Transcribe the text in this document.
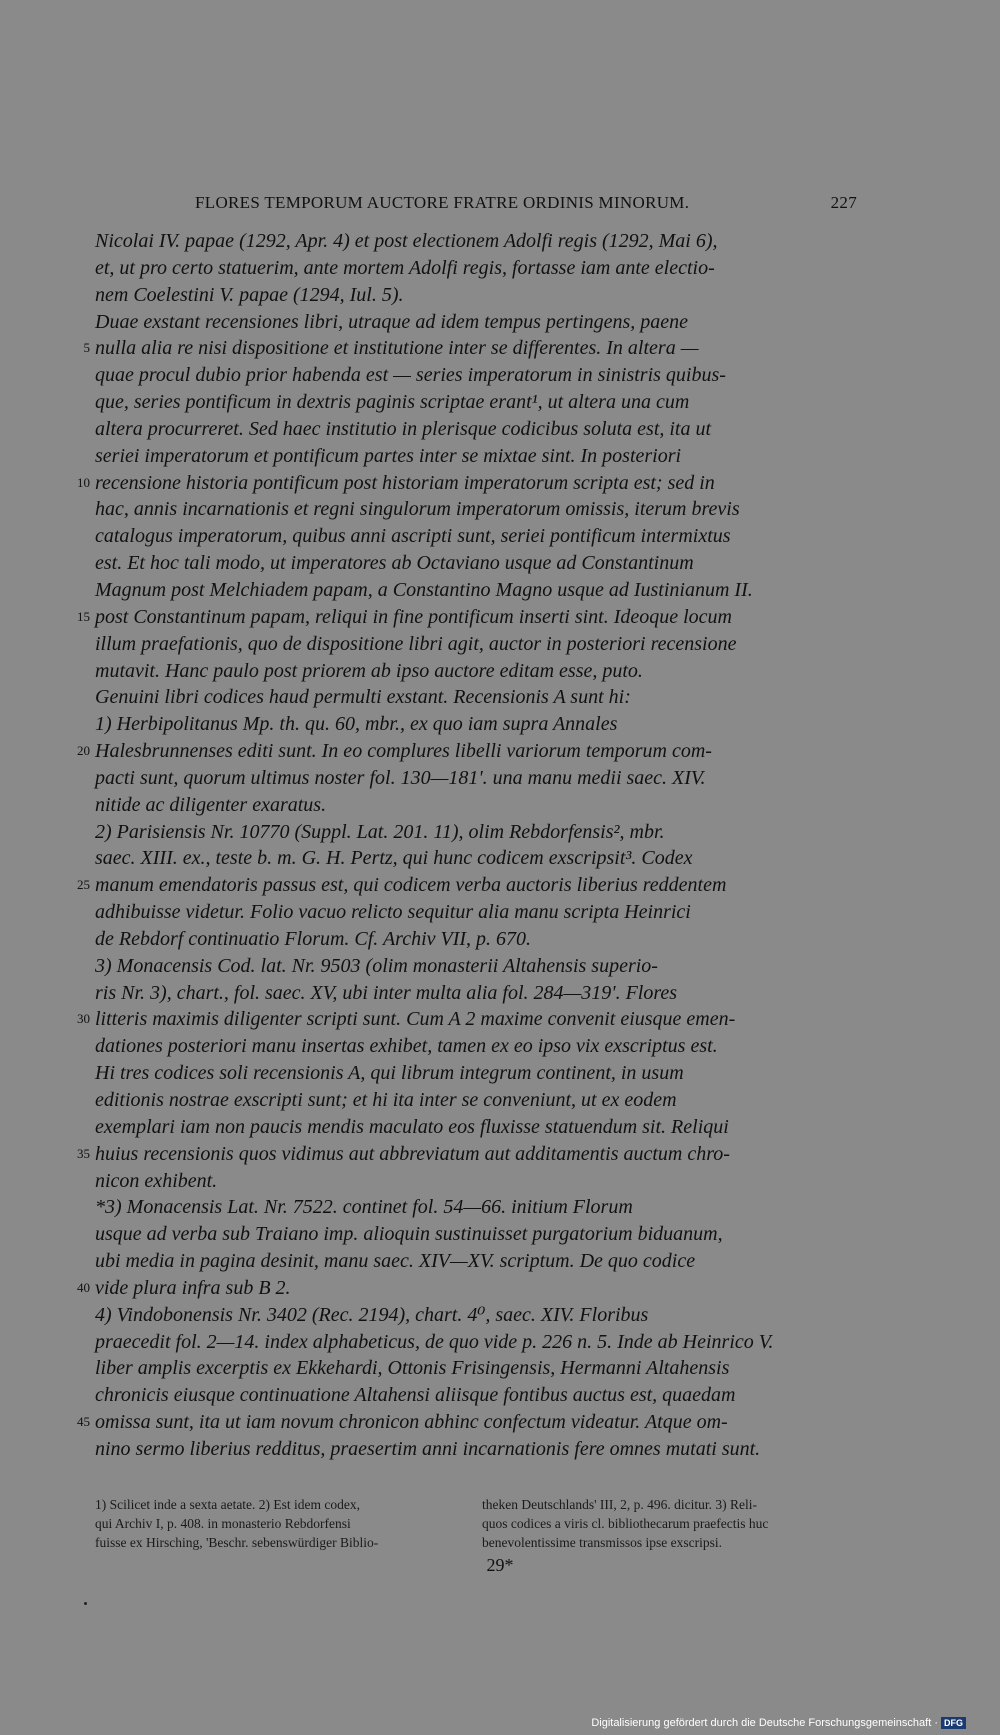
FLORES TEMPORUM AUCTORE FRATRE ORDINIS MINORUM.	227
Nicolai IV. papae (1292, Apr. 4) et post electionem Adolfi regis (1292, Mai 6),
et, ut pro certo statuerim, ante mortem Adolfi regis, fortasse iam ante electio-
nem Coelestini V. papae (1294, Iul. 5).
Duae exstant recensiones libri, utraque ad idem tempus pertingens, paene
5 nulla alia re nisi dispositione et institutione inter se differentes. In altera —
quae procul dubio prior habenda est — series imperatorum in sinistris quibus-
que, series pontificum in dextris paginis scriptae erant¹, ut altera una cum
altera procurreret. Sed haec institutio in plerisque codicibus soluta est, ita ut
seriei imperatorum et pontificum partes inter se mixtae sint. In posteriori
10 recensione historia pontificum post historiam imperatorum scripta est; sed in
hac, annis incarnationis et regni singulorum imperatorum omissis, iterum brevis
catalogus imperatorum, quibus anni ascripti sunt, seriei pontificum intermixtus
est. Et hoc tali modo, ut imperatores ab Octaviano usque ad Constantinum
Magnum post Melchiadem papam, a Constantino Magno usque ad Iustinianum II.
15 post Constantinum papam, reliqui in fine pontificum inserti sint. Ideoque locum
illum praefationis, quo de dispositione libri agit, auctor in posteriori recensione
mutavit. Hanc paulo post priorem ab ipso auctore editam esse, puto.
Genuini libri codices haud permulti exstant. Recensionis A sunt hi:
1) Herbipolitanus Mp. th. qu. 60, mbr., ex quo iam supra Annales
20 Halesbrunnenses editi sunt. In eo complures libelli variorum temporum com-
pacti sunt, quorum ultimus noster fol. 130—181'. una manu medii saec. XIV.
nitide ac diligenter exaratus.
2) Parisiensis Nr. 10770 (Suppl. Lat. 201. 11), olim Rebdorfensis², mbr.
saec. XIII. ex., teste b. m. G. H. Pertz, qui hunc codicem exscripsit³. Codex
25 manum emendatoris passus est, qui codicem verba auctoris liberius reddentem
adhibuisse videtur. Folio vacuo relicto sequitur alia manu scripta Heinrici
de Rebdorf continuatio Florum. Cf. Archiv VII, p. 670.
3) Monacensis Cod. lat. Nr. 9503 (olim monasterii Altahensis superio-
ris Nr. 3), chart., fol. saec. XV, ubi inter multa alia fol. 284—319'. Flores
30 litteris maximis diligenter scripti sunt. Cum A 2 maxime convenit eiusque emen-
dationes posteriori manu insertas exhibet, tamen ex eo ipso vix exscriptus est.
Hi tres codices soli recensionis A, qui librum integrum continent, in usum
editionis nostrae exscripti sunt; et hi ita inter se conveniunt, ut ex eodem
exemplari iam non paucis mendis maculato eos fluxisse statuendum sit. Reliqui
35 huius recensionis quos vidimus aut abbreviatum aut additamentis auctum chro-
nicon exhibent.
*3) Monacensis Lat. Nr. 7522. continet fol. 54—66. initium Florum
usque ad verba sub Traiano imp. alioquin sustinuisset purgatorium biduanum,
ubi media in pagina desinit, manu saec. XIV—XV. scriptum. De quo codice
40 vide plura infra sub B 2.
4) Vindobonensis Nr. 3402 (Rec. 2194), chart. 4⁰, saec. XIV. Floribus
praecedit fol. 2—14. index alphabeticus, de quo vide p. 226 n. 5. Inde ab Heinrico V.
liber amplis excerptis ex Ekkehardi, Ottonis Frisingensis, Hermanni Altahensis
chronicis eiusque continuatione Altahensi aliisque fontibus auctus est, quaedam
45 omissa sunt, ita ut iam novum chronicon abhinc confectum videatur. Atque om-
nino sermo liberius redditus, praesertim anni incarnationis fere omnes mutati sunt.
1) Scilicet inde a sexta aetate. 2) Est idem codex,
qui Archiv I, p. 408. in monasterio Rebdorfensi
fuisse ex Hirsching, 'Beschr. sebenswürdiger Biblio-
theken Deutschlands' III, 2, p. 496. dicitur. 3) Reli-
quos codices a viris cl. bibliothecarum praefectis huc
benevolentissime transmissos ipse exscripsi.
29*
Digitalisierung gefördert durch die Deutsche Forschungsgemeinschaft · DFG
